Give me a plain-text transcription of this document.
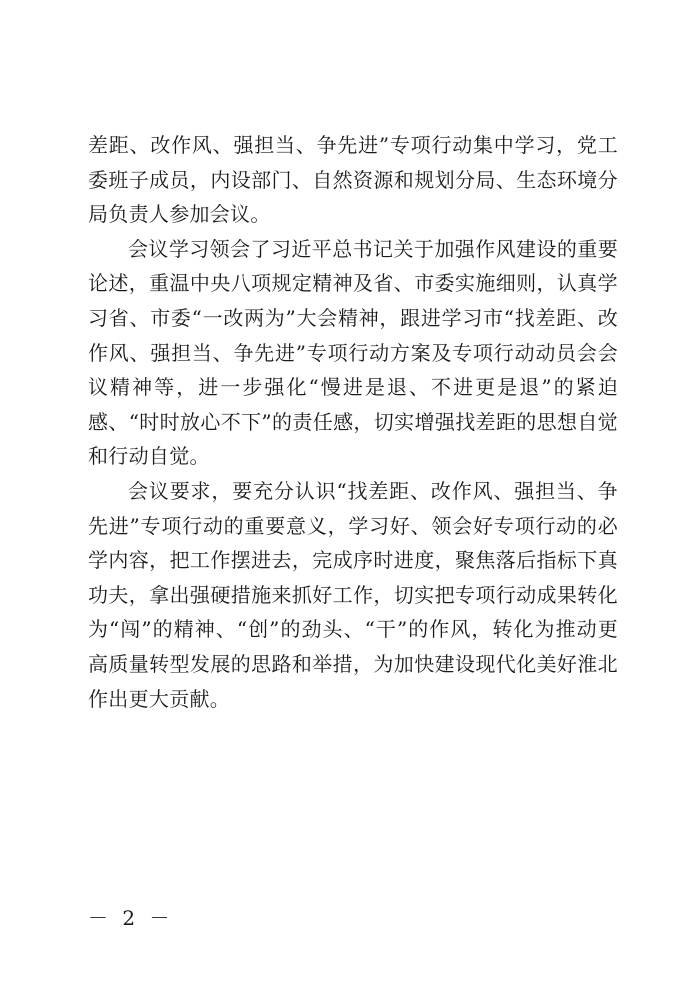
差距、改作风、强担当、争先进”专项行动集中学习，党工委班子成员，内设部门、自然资源和规划分局、生态环境分局负责人参加会议。

会议学习领会了习近平总书记关于加强作风建设的重要论述，重温中央八项规定精神及省、市委实施细则，认真学习省、市委“一改两为”大会精神，跟进学习市“找差距、改作风、强担当、争先进”专项行动方案及专项行动动员会会议精神等，进一步强化“慢进是退、不进更是退”的紧迫感、“时时放心不下”的责任感，切实增强找差距的思想自觉和行动自觉。

会议要求，要充分认识“找差距、改作风、强担当、争先进”专项行动的重要意义，学习好、领会好专项行动的必学内容，把工作摆进去，完成序时进度，聚焦落后指标下真功夫，拿出强硬措施来抓好工作，切实把专项行动成果转化为“闯”的精神、“创”的劲头、“干”的作风，转化为推动更高质量转型发展的思路和举措，为加快建设现代化美好淮北作出更大贡献。

－ 2 －
